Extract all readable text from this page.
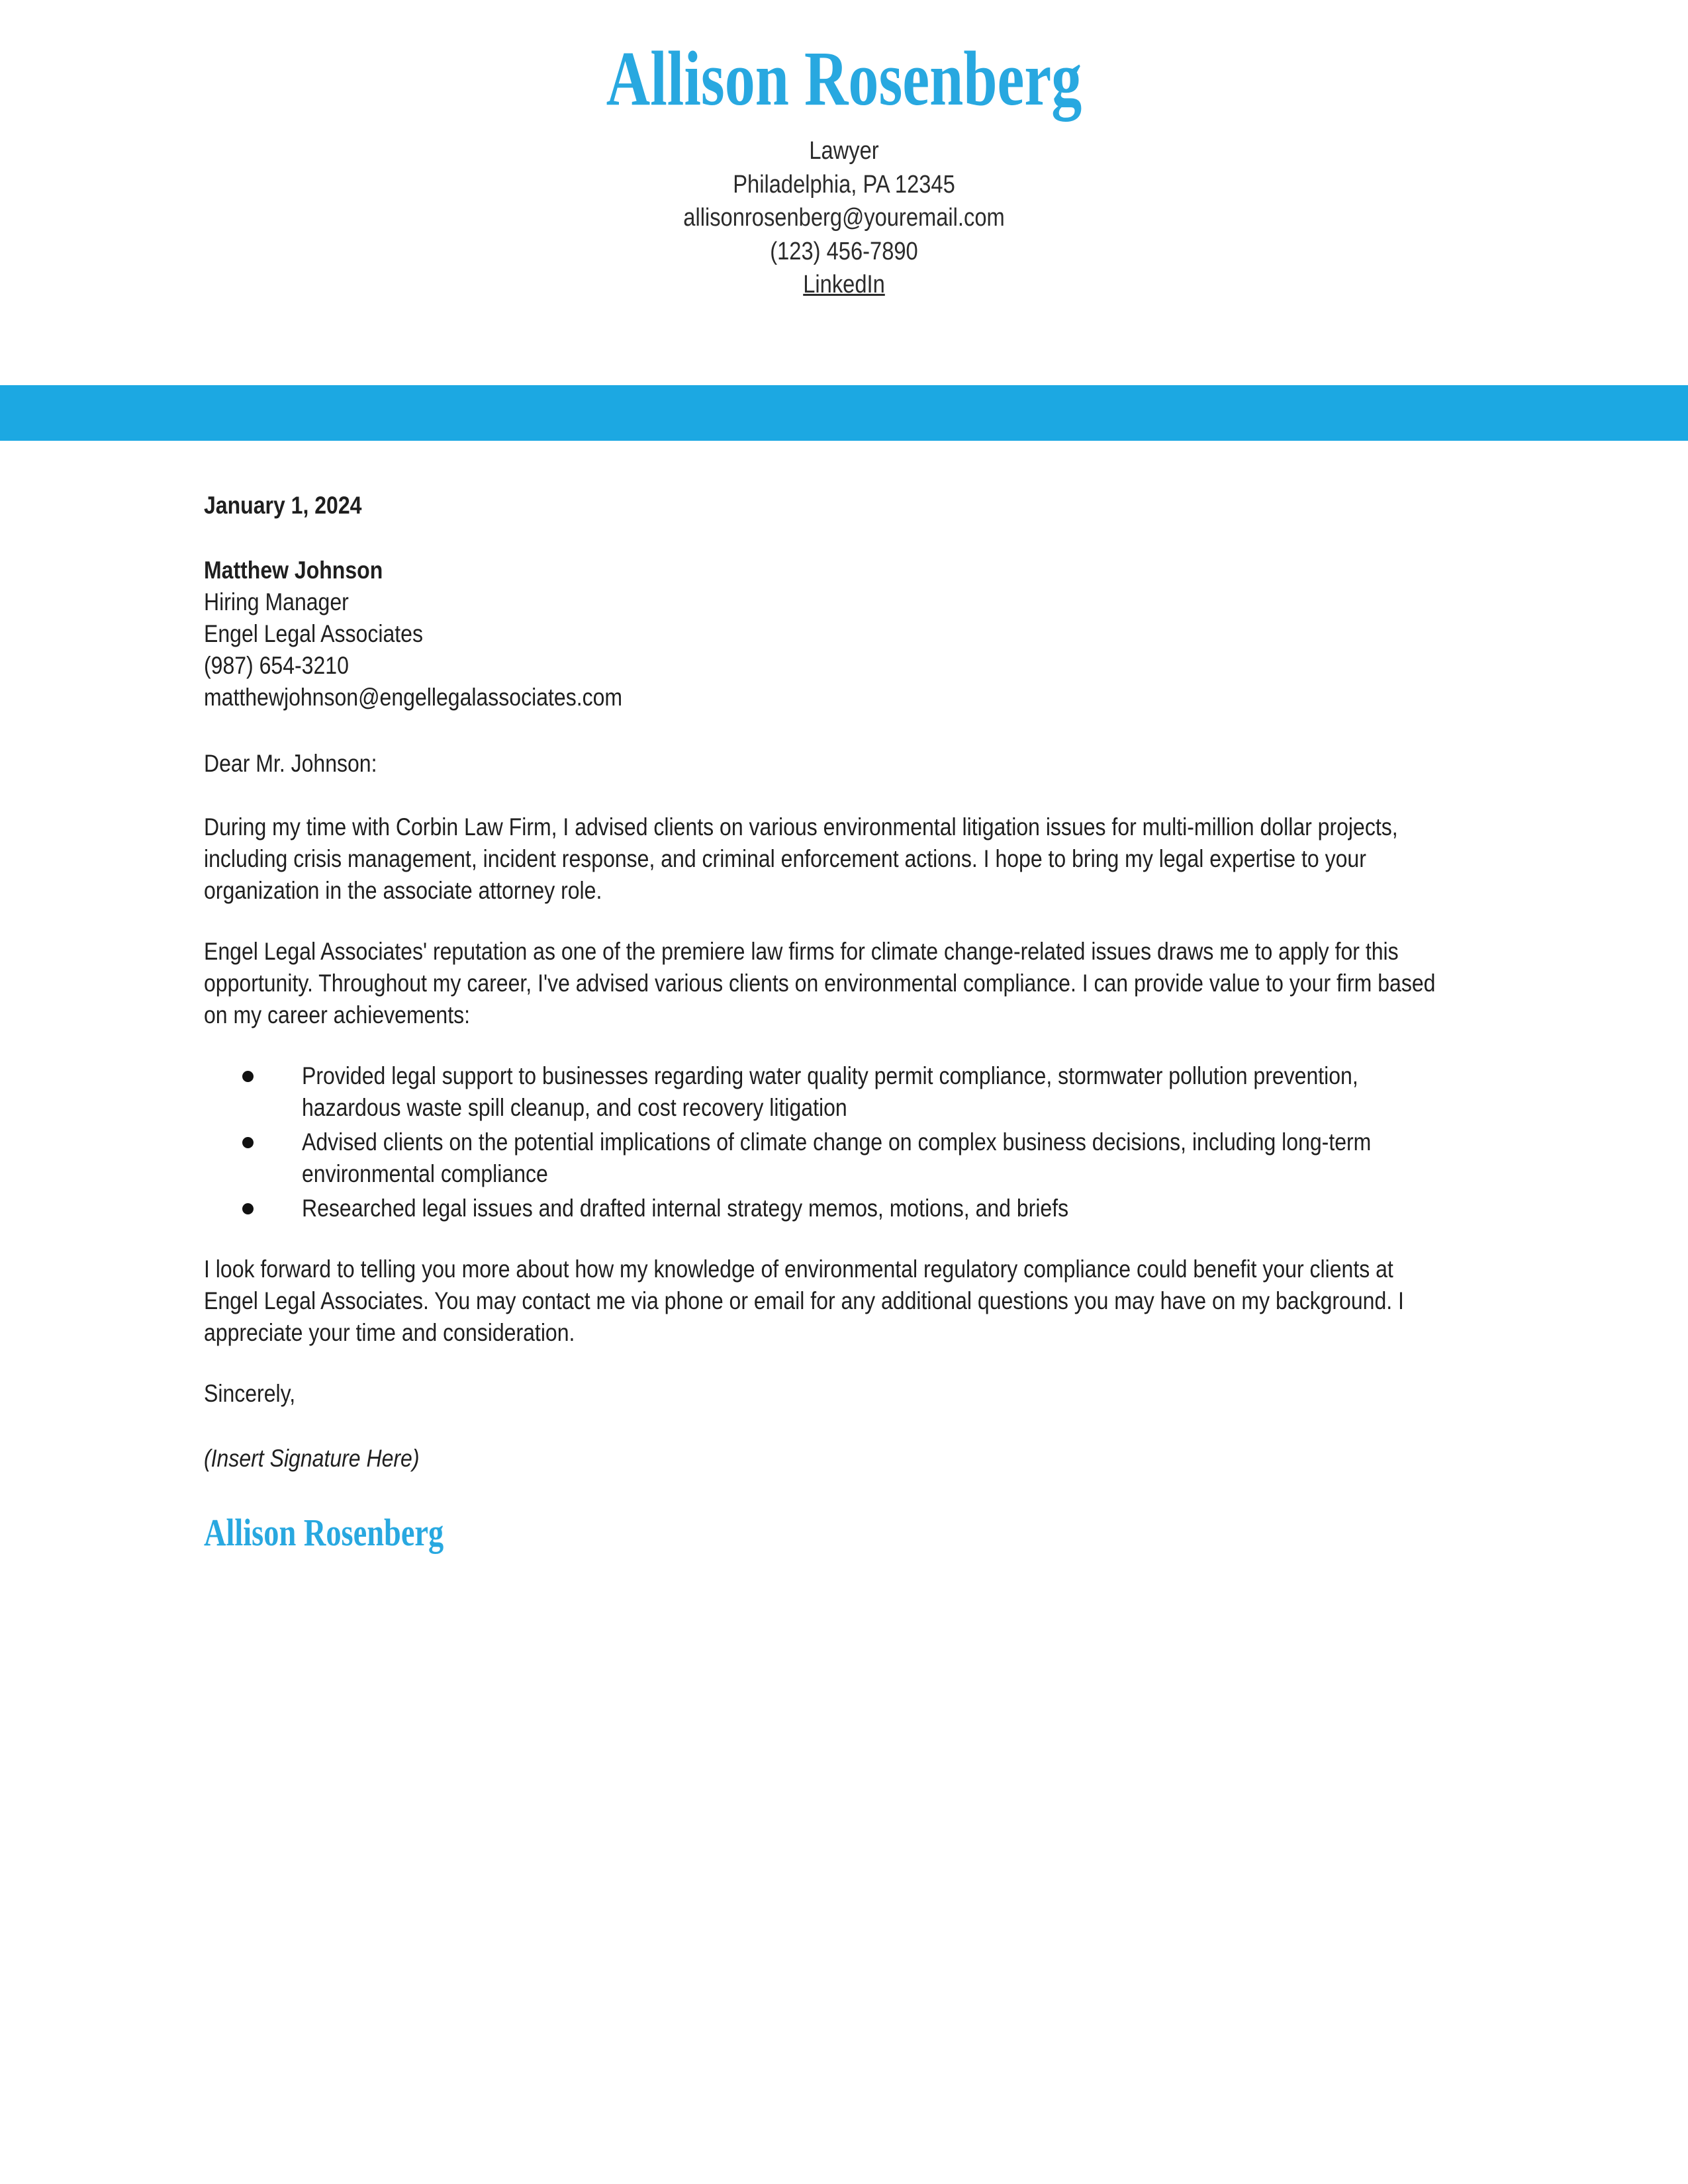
Allison Rosenberg
Lawyer
Philadelphia, PA 12345
allisonrosenberg@youremail.com
(123) 456-7890
LinkedIn
January 1, 2024
Matthew Johnson
Hiring Manager
Engel Legal Associates
(987) 654-3210
matthewjohnson@engellegalassociates.com
Dear Mr. Johnson:
During my time with Corbin Law Firm, I advised clients on various environmental litigation issues for multi-million dollar projects, including crisis management, incident response, and criminal enforcement actions. I hope to bring my legal expertise to your organization in the associate attorney role.
Engel Legal Associates' reputation as one of the premiere law firms for climate change-related issues draws me to apply for this opportunity. Throughout my career, I've advised various clients on environmental compliance. I can provide value to your firm based on my career achievements:
Provided legal support to businesses regarding water quality permit compliance, stormwater pollution prevention, hazardous waste spill cleanup, and cost recovery litigation
Advised clients on the potential implications of climate change on complex business decisions, including long-term environmental compliance
Researched legal issues and drafted internal strategy memos, motions, and briefs
I look forward to telling you more about how my knowledge of environmental regulatory compliance could benefit your clients at Engel Legal Associates. You may contact me via phone or email for any additional questions you may have on my background. I appreciate your time and consideration.
Sincerely,
(Insert Signature Here)
Allison Rosenberg
